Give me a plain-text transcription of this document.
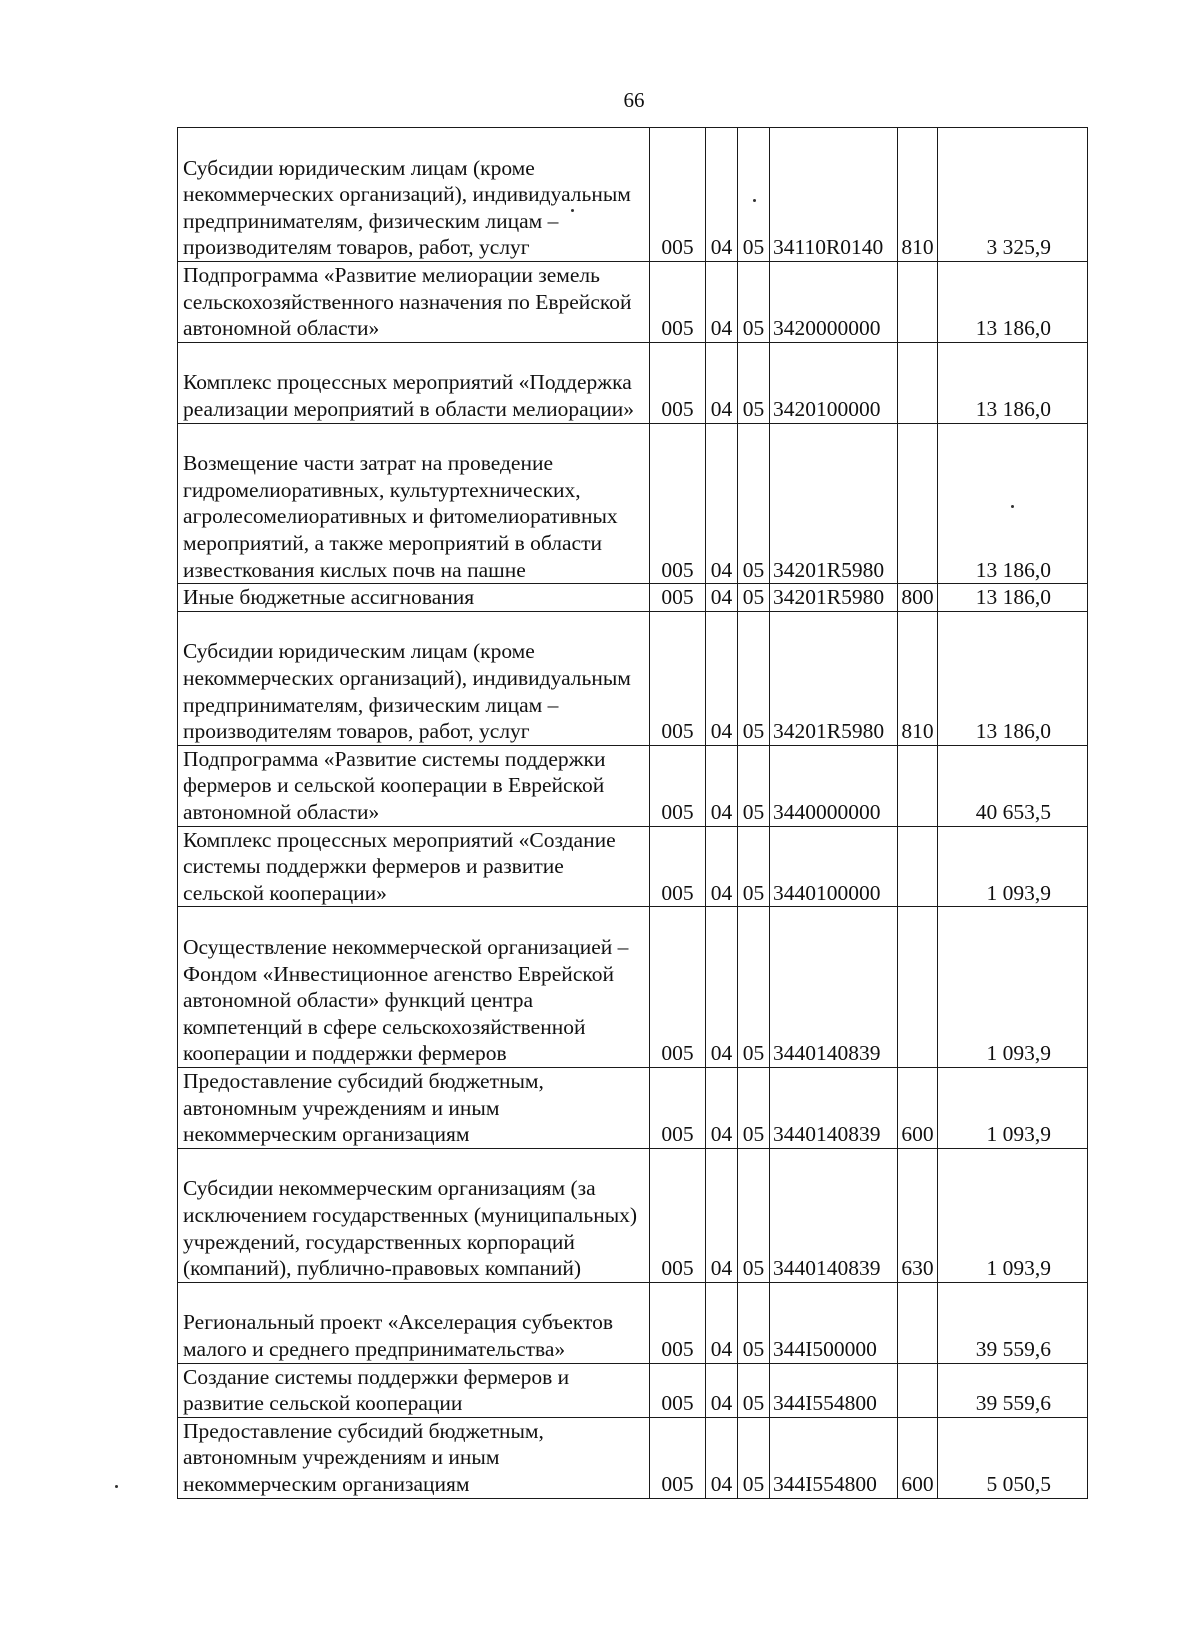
66
Субсидии юридическим лицам (кроме некоммерческих организаций), индивидуальным предпринимателям, физическим лицам – производителям товаров, работ, услуг	005	04	05	34110R0140	810	3 325,9
Подпрограмма «Развитие мелиорации земель сельскохозяйственного назначения по Еврейской автономной области»	005	04	05	3420000000		13 186,0
Комплекс процессных мероприятий «Поддержка реализации мероприятий в области мелиорации»	005	04	05	3420100000		13 186,0
Возмещение части затрат на проведение гидромелиоративных, культуртехнических, агролесомелиоративных и фитомелиоративных мероприятий, а также мероприятий в области известкования кислых почв на пашне	005	04	05	34201R5980		13 186,0
Иные бюджетные ассигнования	005	04	05	34201R5980	800	13 186,0
Субсидии юридическим лицам (кроме некоммерческих организаций), индивидуальным предпринимателям, физическим лицам – производителям товаров, работ, услуг	005	04	05	34201R5980	810	13 186,0
Подпрограмма «Развитие системы поддержки фермеров и сельской кооперации в Еврейской автономной области»	005	04	05	3440000000		40 653,5
Комплекс процессных мероприятий «Создание системы поддержки фермеров и развитие сельской кооперации»	005	04	05	3440100000		1 093,9
Осуществление некоммерческой организацией – Фондом «Инвестиционное агенство Еврейской автономной области» функций центра компетенций в сфере сельскохозяйственной кооперации и поддержки фермеров	005	04	05	3440140839		1 093,9
Предоставление субсидий бюджетным, автономным учреждениям и иным некоммерческим организациям	005	04	05	3440140839	600	1 093,9
Субсидии некоммерческим организациям (за исключением государственных (муниципальных) учреждений, государственных корпораций (компаний), публично-правовых компаний)	005	04	05	3440140839	630	1 093,9
Региональный проект «Акселерация субъектов малого и среднего предпринимательства»	005	04	05	344I500000		39 559,6
Создание системы поддержки фермеров и развитие сельской кооперации	005	04	05	344I554800		39 559,6
Предоставление субсидий бюджетным, автономным учреждениям и иным некоммерческим организациям	005	04	05	344I554800	600	5 050,5
